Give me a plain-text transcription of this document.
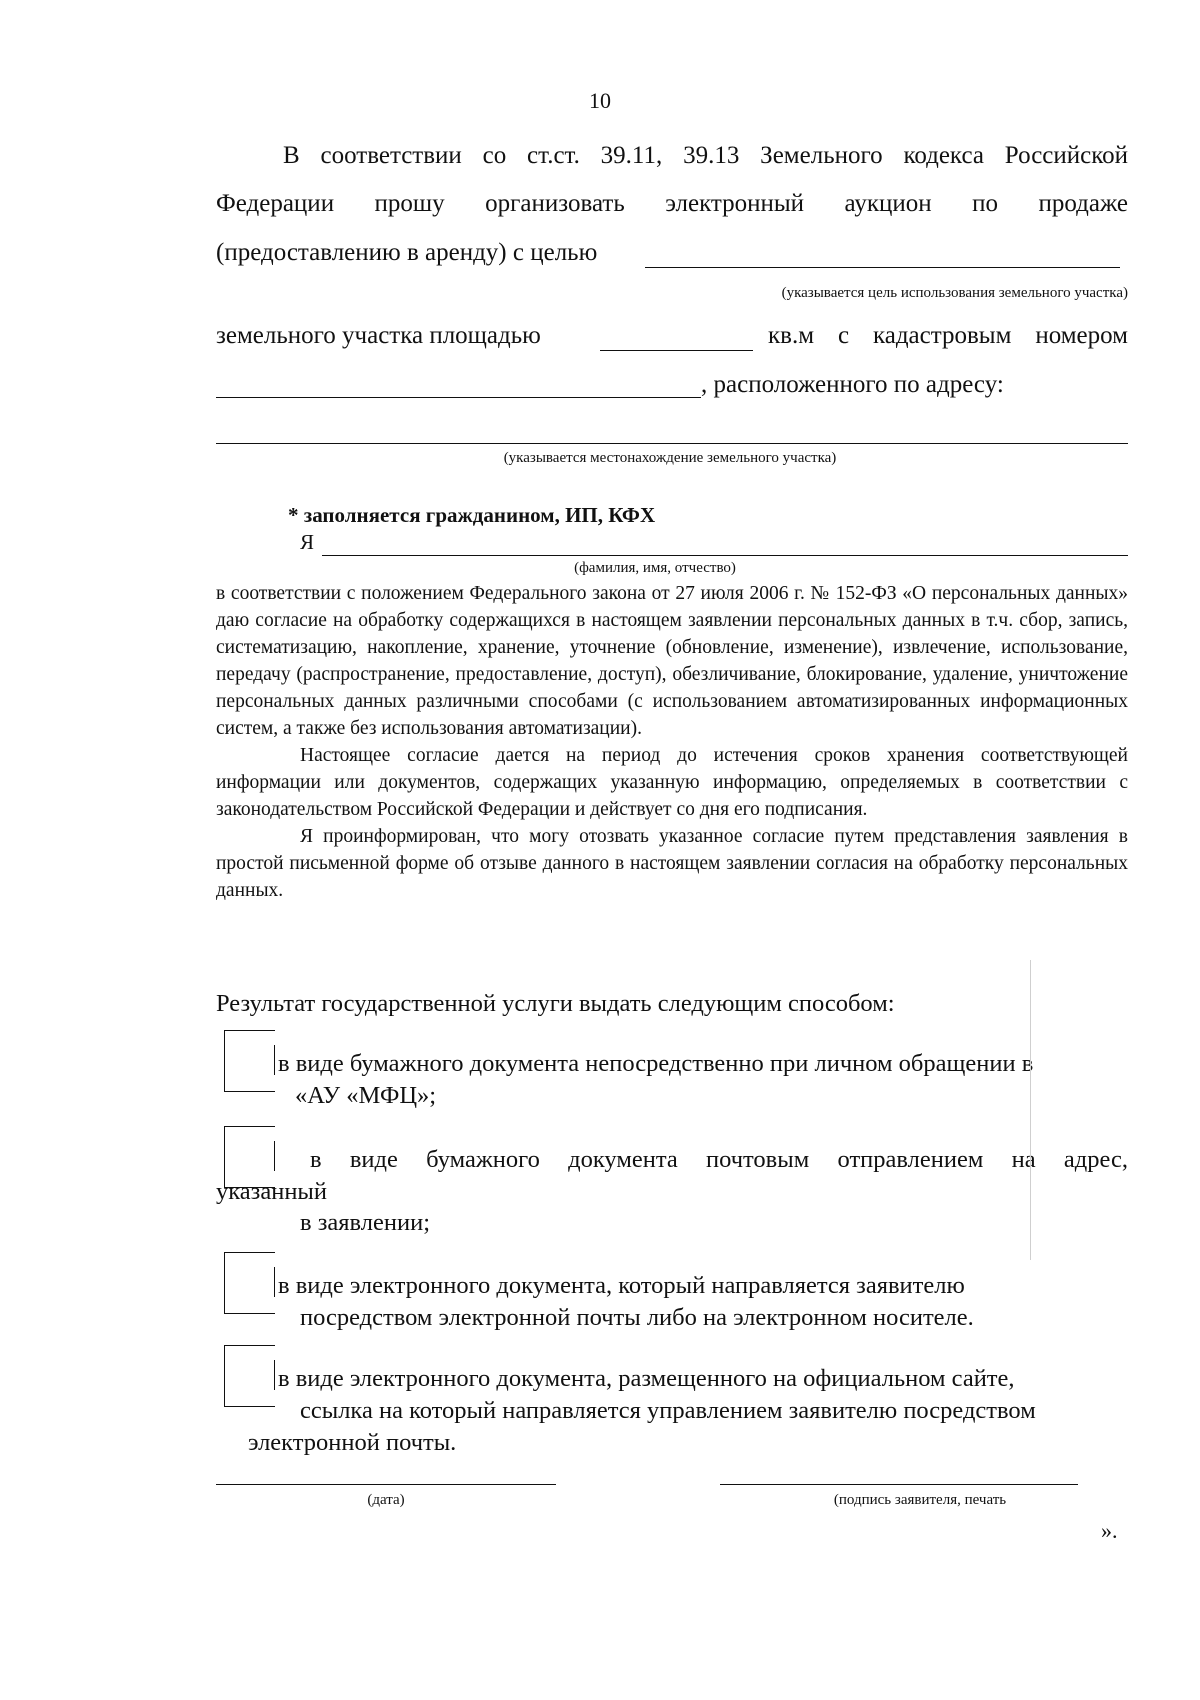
10
В соответствии со ст.ст. 39.11, 39.13 Земельного кодекса Российской
Федерации прошу организовать электронный аукцион по продаже
(предоставлению в аренду) с целью
(указывается цель использования земельного участка)
земельного участка площадью	кв.м с кадастровым номером
, расположенного по адресу:
(указывается местонахождение земельного участка)
* заполняется гражданином, ИП, КФХ
Я
(фамилия, имя, отчество)

в соответствии с положением Федерального закона от 27 июля 2006 г. № 152-ФЗ «О персональных данных» даю согласие на обработку содержащихся в настоящем заявлении персональных данных в т.ч. сбор, запись, систематизацию, накопление, хранение, уточнение (обновление, изменение), извлечение, использование, передачу (распространение, предоставление, доступ), обезличивание, блокирование, удаление, уничтожение персональных данных различными способами (с использованием автоматизированных информационных систем, а также без использования автоматизации).

Настоящее согласие дается на период до истечения сроков хранения соответствующей информации или документов, содержащих указанную информацию, определяемых в соответствии с законодательством Российской Федерации и действует со дня его подписания.

Я проинформирован, что могу отозвать указанное согласие путем представления заявления в простой письменной форме об отзыве данного в настоящем заявлении согласия на обработку персональных данных.

Результат государственной услуги выдать следующим способом:
в виде бумажного документа непосредственно при личном обращении в
«АУ «МФЦ»;
в виде бумажного документа почтовым отправлением на адрес,
указанный
в заявлении;
в виде электронного документа, который направляется заявителю
посредством электронной почты либо на электронном носителе.
в виде электронного документа, размещенного на официальном сайте,
ссылка на который направляется управлением заявителю посредством
электронной почты.
(дата)	(подпись заявителя, печать
».
